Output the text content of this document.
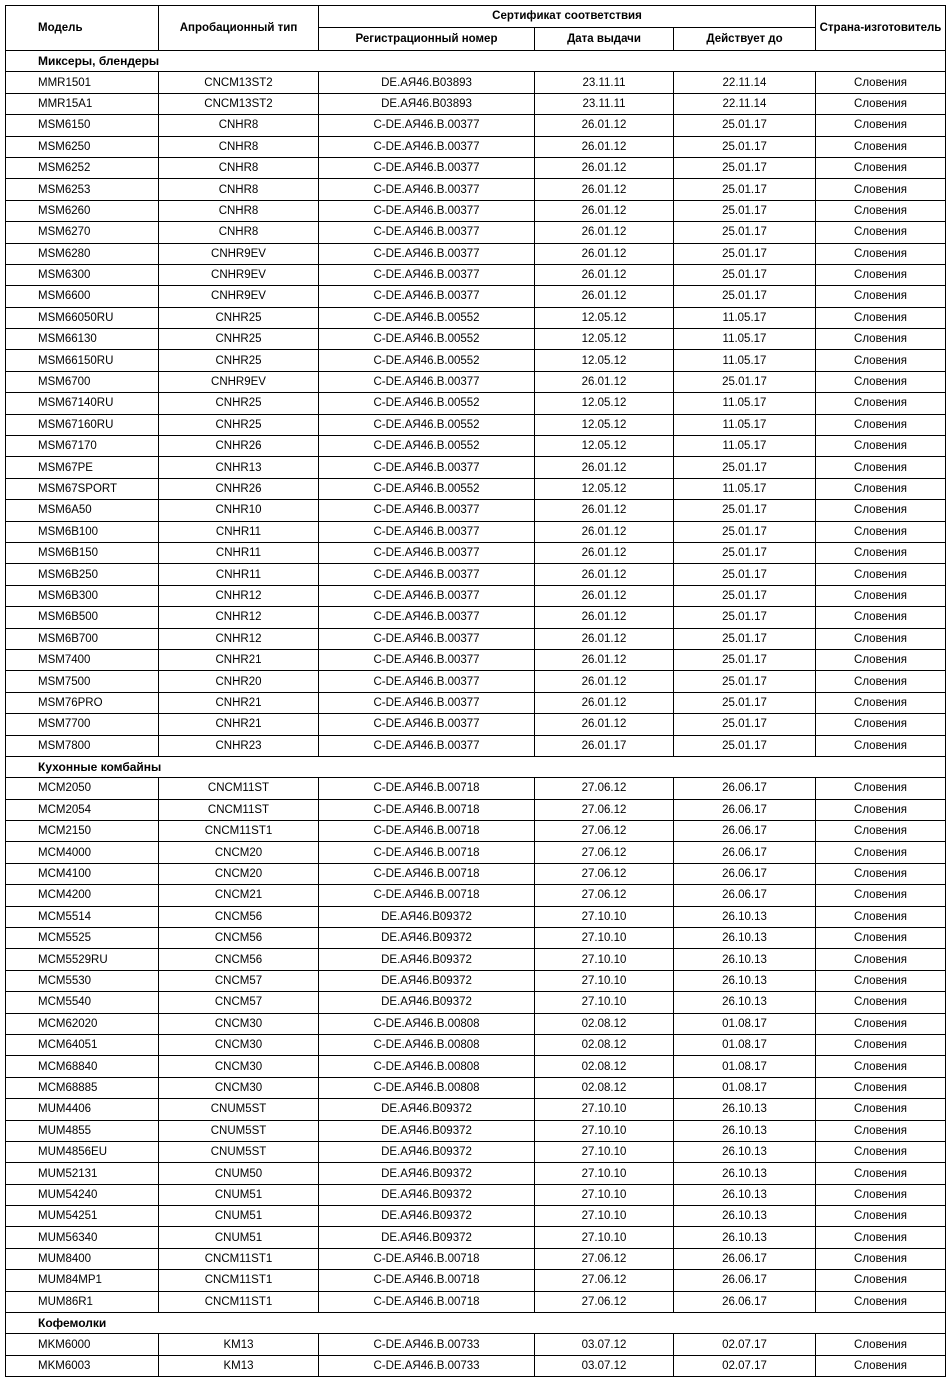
Модель	Апробационный тип	Сертификат соответствия			Страна-изготовитель
		Регистрационный номер	Дата выдачи	Действует до	
Миксеры, блендеры					
MMR1501	CNCM13ST2	DE.АЯ46.В03893	23.11.11	22.11.14	Словения
MMR15A1	CNCM13ST2	DE.АЯ46.В03893	23.11.11	22.11.14	Словения
MSM6150	CNHR8	C-DE.АЯ46.В.00377	26.01.12	25.01.17	Словения
MSM6250	CNHR8	C-DE.АЯ46.В.00377	26.01.12	25.01.17	Словения
MSM6252	CNHR8	C-DE.АЯ46.В.00377	26.01.12	25.01.17	Словения
MSM6253	CNHR8	C-DE.АЯ46.В.00377	26.01.12	25.01.17	Словения
MSM6260	CNHR8	C-DE.АЯ46.В.00377	26.01.12	25.01.17	Словения
MSM6270	CNHR8	C-DE.АЯ46.В.00377	26.01.12	25.01.17	Словения
MSM6280	CNHR9EV	C-DE.АЯ46.В.00377	26.01.12	25.01.17	Словения
MSM6300	CNHR9EV	C-DE.АЯ46.В.00377	26.01.12	25.01.17	Словения
MSM6600	CNHR9EV	C-DE.АЯ46.В.00377	26.01.12	25.01.17	Словения
MSM66050RU	CNHR25	C-DE.АЯ46.В.00552	12.05.12	11.05.17	Словения
MSM66130	CNHR25	C-DE.АЯ46.В.00552	12.05.12	11.05.17	Словения
MSM66150RU	CNHR25	C-DE.АЯ46.В.00552	12.05.12	11.05.17	Словения
MSM6700	CNHR9EV	C-DE.АЯ46.В.00377	26.01.12	25.01.17	Словения
MSM67140RU	CNHR25	C-DE.АЯ46.В.00552	12.05.12	11.05.17	Словения
MSM67160RU	CNHR25	C-DE.АЯ46.В.00552	12.05.12	11.05.17	Словения
MSM67170	CNHR26	C-DE.АЯ46.В.00552	12.05.12	11.05.17	Словения
MSM67PE	CNHR13	C-DE.АЯ46.В.00377	26.01.12	25.01.17	Словения
MSM67SPORT	CNHR26	C-DE.АЯ46.В.00552	12.05.12	11.05.17	Словения
MSM6A50	CNHR10	C-DE.АЯ46.В.00377	26.01.12	25.01.17	Словения
MSM6B100	CNHR11	C-DE.АЯ46.В.00377	26.01.12	25.01.17	Словения
MSM6B150	CNHR11	C-DE.АЯ46.В.00377	26.01.12	25.01.17	Словения
MSM6B250	CNHR11	C-DE.АЯ46.В.00377	26.01.12	25.01.17	Словения
MSM6B300	CNHR12	C-DE.АЯ46.В.00377	26.01.12	25.01.17	Словения
MSM6B500	CNHR12	C-DE.АЯ46.В.00377	26.01.12	25.01.17	Словения
MSM6B700	CNHR12	C-DE.АЯ46.В.00377	26.01.12	25.01.17	Словения
MSM7400	CNHR21	C-DE.АЯ46.В.00377	26.01.12	25.01.17	Словения
MSM7500	CNHR20	C-DE.АЯ46.В.00377	26.01.12	25.01.17	Словения
MSM76PRO	CNHR21	C-DE.АЯ46.В.00377	26.01.12	25.01.17	Словения
MSM7700	CNHR21	C-DE.АЯ46.В.00377	26.01.12	25.01.17	Словения
MSM7800	CNHR23	C-DE.АЯ46.В.00377	26.01.17	25.01.17	Словения
Кухонные комбайны					
MCM2050	CNCM11ST	C-DE.АЯ46.В.00718	27.06.12	26.06.17	Словения
MCM2054	CNCM11ST	C-DE.АЯ46.В.00718	27.06.12	26.06.17	Словения
MCM2150	CNCM11ST1	C-DE.АЯ46.В.00718	27.06.12	26.06.17	Словения
MCM4000	CNCM20	C-DE.АЯ46.В.00718	27.06.12	26.06.17	Словения
MCM4100	CNCM20	C-DE.АЯ46.В.00718	27.06.12	26.06.17	Словения
MCM4200	CNCM21	C-DE.АЯ46.В.00718	27.06.12	26.06.17	Словения
MCM5514	CNCM56	DE.АЯ46.В09372	27.10.10	26.10.13	Словения
MCM5525	CNCM56	DE.АЯ46.В09372	27.10.10	26.10.13	Словения
MCM5529RU	CNCM56	DE.АЯ46.В09372	27.10.10	26.10.13	Словения
MCM5530	CNCM57	DE.АЯ46.В09372	27.10.10	26.10.13	Словения
MCM5540	CNCM57	DE.АЯ46.В09372	27.10.10	26.10.13	Словения
MCM62020	CNCM30	C-DE.АЯ46.В.00808	02.08.12	01.08.17	Словения
MCM64051	CNCM30	C-DE.АЯ46.В.00808	02.08.12	01.08.17	Словения
MCM68840	CNCM30	C-DE.АЯ46.В.00808	02.08.12	01.08.17	Словения
MCM68885	CNCM30	C-DE.АЯ46.В.00808	02.08.12	01.08.17	Словения
MUM4406	CNUM5ST	DE.АЯ46.В09372	27.10.10	26.10.13	Словения
MUM4855	CNUM5ST	DE.АЯ46.В09372	27.10.10	26.10.13	Словения
MUM4856EU	CNUM5ST	DE.АЯ46.В09372	27.10.10	26.10.13	Словения
MUM52131	CNUM50	DE.АЯ46.В09372	27.10.10	26.10.13	Словения
MUM54240	CNUM51	DE.АЯ46.В09372	27.10.10	26.10.13	Словения
MUM54251	CNUM51	DE.АЯ46.В09372	27.10.10	26.10.13	Словения
MUM56340	CNUM51	DE.АЯ46.В09372	27.10.10	26.10.13	Словения
MUM8400	CNCM11ST1	C-DE.АЯ46.В.00718	27.06.12	26.06.17	Словения
MUM84MP1	CNCM11ST1	C-DE.АЯ46.В.00718	27.06.12	26.06.17	Словения
MUM86R1	CNCM11ST1	C-DE.АЯ46.В.00718	27.06.12	26.06.17	Словения
Кофемолки					
MKM6000	KM13	C-DE.АЯ46.В.00733	03.07.12	02.07.17	Словения
MKM6003	KM13	C-DE.АЯ46.В.00733	03.07.12	02.07.17	Словения
